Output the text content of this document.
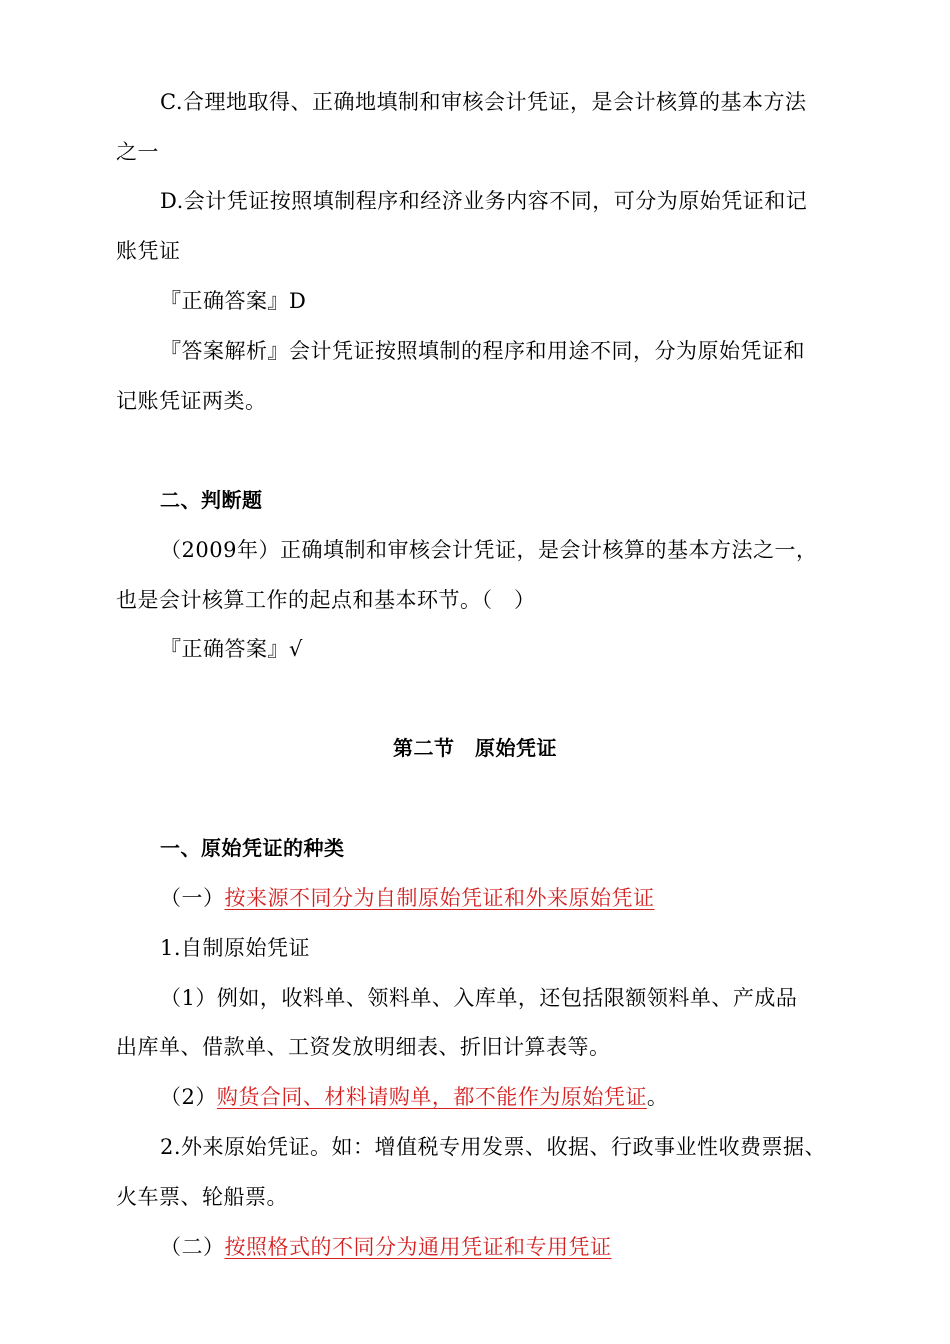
C.合理地取得、正确地填制和审核会计凭证，是会计核算的基本方法
之一
D.会计凭证按照填制程序和经济业务内容不同，可分为原始凭证和记
账凭证
『正确答案』D
『答案解析』会计凭证按照填制的程序和用途不同，分为原始凭证和
记账凭证两类。
二、判断题
（2009年）正确填制和审核会计凭证，是会计核算的基本方法之一，
也是会计核算工作的起点和基本环节。（　）
『正确答案』√
第二节　原始凭证
一、原始凭证的种类
（一）按来源不同分为自制原始凭证和外来原始凭证
1.自制原始凭证
（1）例如，收料单、领料单、入库单，还包括限额领料单、产成品
出库单、借款单、工资发放明细表、折旧计算表等。
（2）购货合同、材料请购单，都不能作为原始凭证。
2.外来原始凭证。如：增值税专用发票、收据、行政事业性收费票据、
火车票、轮船票。
（二）按照格式的不同分为通用凭证和专用凭证
